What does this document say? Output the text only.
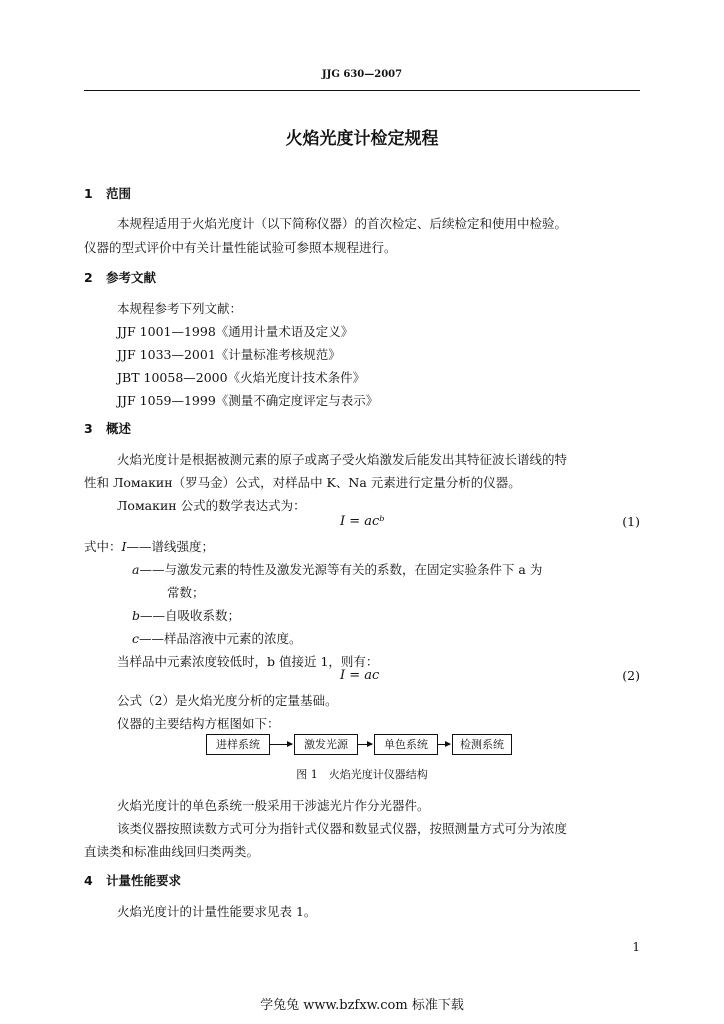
JJG 630—2007
火焰光度计检定规程
1 范围
本规程适用于火焰光度计（以下简称仪器）的首次检定、后续检定和使用中检验。
仪器的型式评价中有关计量性能试验可参照本规程进行。
2 参考文献
本规程参考下列文献：
JJF 1001—1998《通用计量术语及定义》
JJF 1033—2001《计量标准考核规范》
JBT 10058—2000《火焰光度计技术条件》
JJF 1059—1999《测量不确定度评定与表示》
3 概述
火焰光度计是根据被测元素的原子或离子受火焰激发后能发出其特征波长谱线的特
性和 Ломакин（罗马金）公式，对样品中 K、Na 元素进行定量分析的仪器。
Ломакин 公式的数学表达式为：
I = acᵇ	(1)
式中：I——谱线强度；
a——与激发元素的特性及激发光源等有关的系数，在固定实验条件下 a 为
常数；
b——自吸收系数；
c——样品溶液中元素的浓度。
当样品中元素浓度较低时，b 值接近 1，则有：
I = ac	(2)
公式（2）是火焰光度分析的定量基础。
仪器的主要结构方框图如下：
进样系统	激发光源	单色系统	检测系统
图 1　火焰光度计仪器结构
火焰光度计的单色系统一般采用干涉滤光片作分光器件。
该类仪器按照读数方式可分为指针式仪器和数显式仪器，按照测量方式可分为浓度
直读类和标准曲线回归类两类。
4 计量性能要求
火焰光度计的计量性能要求见表 1。
1
学兔兔 www.bzfxw.com 标准下载
